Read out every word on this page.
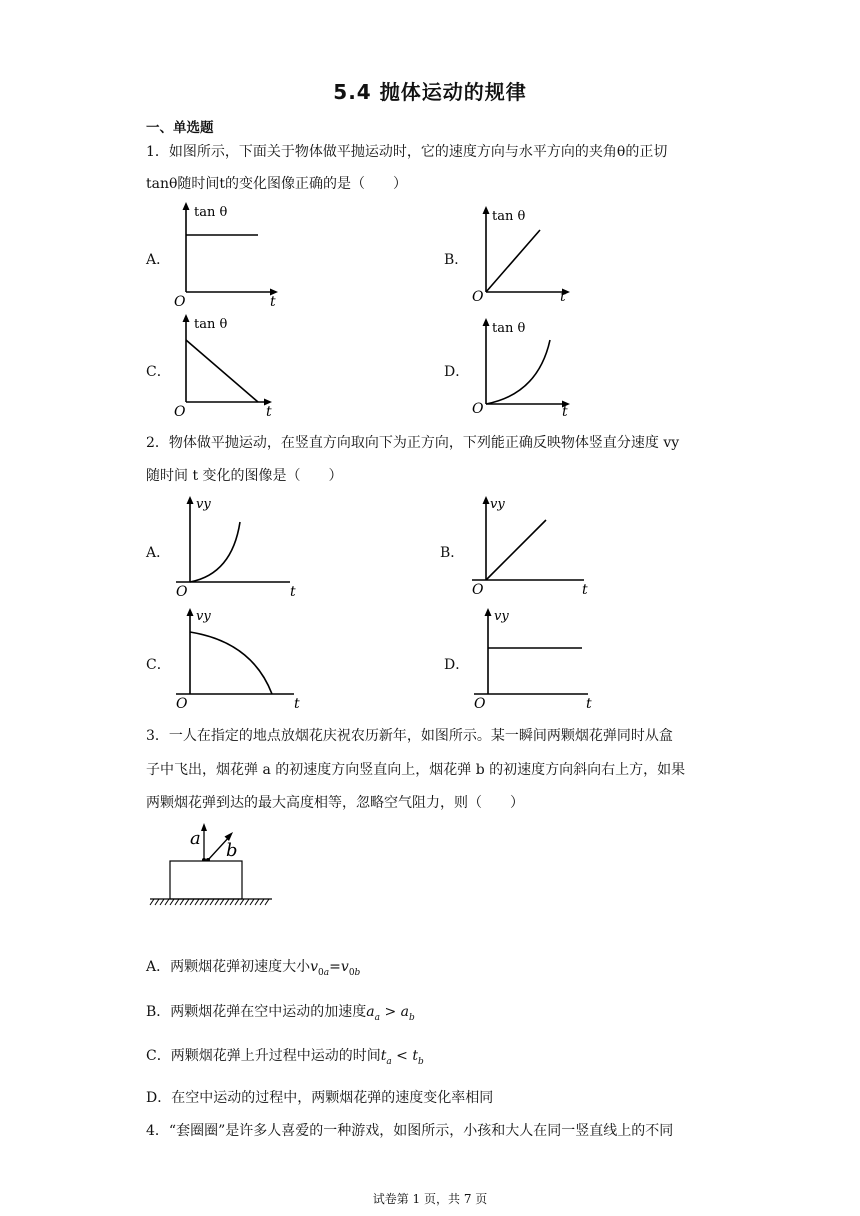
5.4 抛体运动的规律
一、单选题
1．如图所示，下面关于物体做平抛运动时，它的速度方向与水平方向的夹角θ的正切
tanθ随时间t的变化图像正确的是（　　）
A．
tan θ
O	t
B．
tan θ
O	t
C．
tan θ
O	t
D．
tan θ
O	t
2．物体做平抛运动，在竖直方向取向下为正方向，下列能正确反映物体竖直分速度 vy
随时间 t 变化的图像是（　　）
A．
vy
O	t
B．
vy
O	t
C．
vy
O	t
D．
vy
O	t
3．一人在指定的地点放烟花庆祝农历新年，如图所示。某一瞬间两颗烟花弹同时从盒
子中飞出，烟花弹 a 的初速度方向竖直向上，烟花弹 b 的初速度方向斜向右上方，如果
两颗烟花弹到达的最大高度相等，忽略空气阻力，则（　　）
a
b
A．两颗烟花弹初速度大小$v_{0a}=v_{0b}$
B．两颗烟花弹在空中运动的加速度$a_a > a_b$
C．两颗烟花弹上升过程中运动的时间$t_a < t_b$
D．在空中运动的过程中，两颗烟花弹的速度变化率相同
4．“套圈圈”是许多人喜爱的一种游戏，如图所示，小孩和大人在同一竖直线上的不同
试卷第 1 页，共 7 页
